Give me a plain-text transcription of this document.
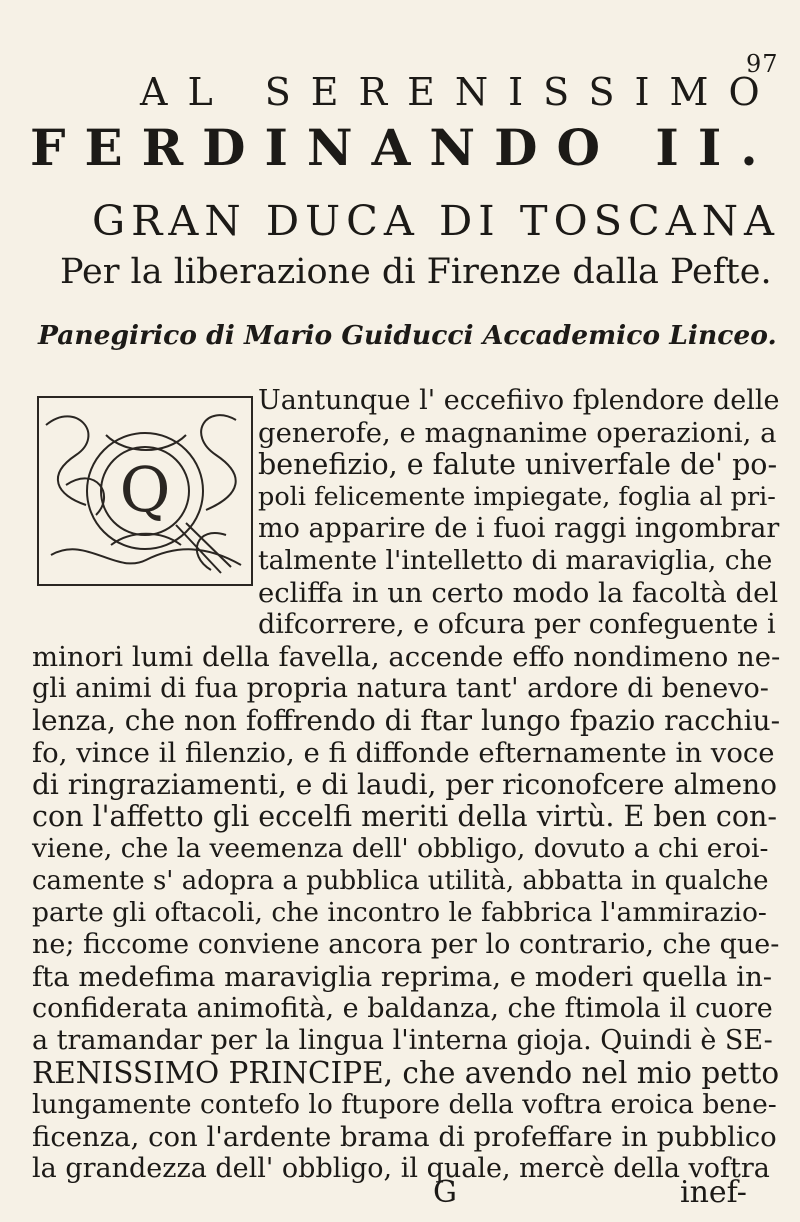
97
AL SERENISSIMO
FERDINANDO II.
GRAN DUCA DI TOSCANA
Per la liberazione di Firenze dalla Pefte.
Panegirico di Mario Guiducci Accademico Linceo.
Q
Uantunque l' eccefiivo fplendore delle
generofe, e magnanime operazioni, a
benefizio, e falute univerfale de' po-
poli felicemente impiegate, foglia al pri-
mo apparire de i fuoi raggi ingombrar
talmente l'intelletto di maraviglia, che
ecliffa in un certo modo la facoltà del
difcorrere, e ofcura per confeguente i
minori lumi della favella, accende effo nondimeno ne-
gli animi di fua propria natura tant' ardore di benevo-
lenza, che non foffrendo di ftar lungo fpazio racchiu-
fo, vince il filenzio, e fi diffonde efternamente in voce
di ringraziamenti, e di laudi, per riconofcere almeno
con l'affetto gli eccelfi meriti della virtù. E ben con-
viene, che la veemenza dell' obbligo, dovuto a chi eroi-
camente s' adopra a pubblica utilità, abbatta in qualche
parte gli oftacoli, che incontro le fabbrica l'ammirazio-
ne; ficcome conviene ancora per lo contrario, che que-
fta medefima maraviglia reprima, e moderi quella in-
confiderata animofità, e baldanza, che ftimola il cuore
a tramandar per la lingua l'interna gioja. Quindi è SE-
RENISSIMO PRINCIPE, che avendo nel mio petto
lungamente contefo lo ftupore della voftra eroica bene-
ficenza, con l'ardente brama di profeffare in pubblico
la grandezza dell' obbligo, il quale, mercè della voftra
G	inef-
